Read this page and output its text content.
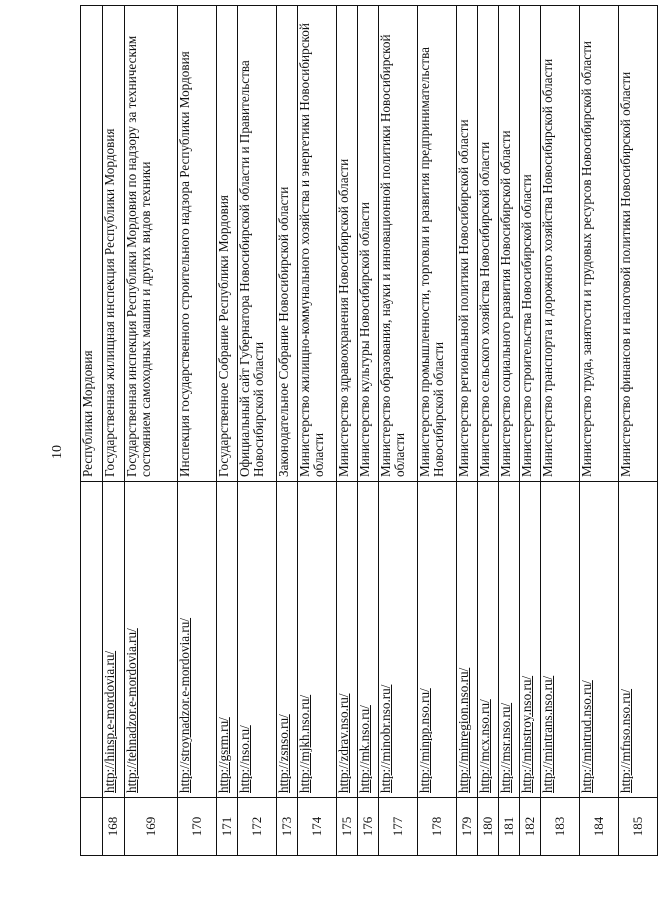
10
		Республики Мордовия
168	http://hinsp.e-mordovia.ru/	Государственная жилищная инспекция Республики Мордовия
169	http://tehnadzor.e-mordovia.ru/	Государственная инспекция Республики Мордовия по надзору за техническим состоянием самоходных машин и других видов техники
170	http://stroynadzor.e-mordovia.ru/	Инспекция государственного строительного надзора Республики Мордовия
171	http://gsrm.ru/	Государственное Собрание Республики Мордовия
172	http://nso.ru/	Официальный сайт Губернатора Новосибирской области и Правительства Новосибирской области
173	http://zsnso.ru/	Законодательное Собрание Новосибирской области
174	http://mjkh.nso.ru/	Министерство жилищно-коммунального хозяйства и энергетики Новосибирской области
175	http://zdrav.nso.ru/	Министерство здравоохранения Новосибирской области
176	http://mk.nso.ru/	Министерство культуры Новосибирской области
177	http://minobr.nso.ru/	Министерство образования, науки и инновационной политики Новосибирской области
178	http://minpp.nso.ru/	Министерство промышленности, торговли и развития предпринимательства Новосибирской области
179	http://minregion.nso.ru/	Министерство региональной политики Новосибирской области
180	http://mcx.nso.ru/	Министерство сельского хозяйства Новосибирской области
181	http://msr.nso.ru/	Министерство социального развития Новосибирской области
182	http://minstroy.nso.ru/	Министерство строительства Новосибирской области
183	http://mintrans.nso.ru/	Министерство транспорта и дорожного хозяйства Новосибирской области
184	http://mintrud.nso.ru/	Министерство труда, занятости и трудовых ресурсов Новосибирской области
185	http://mfnso.nso.ru/	Министерство финансов и налоговой политики Новосибирской области
